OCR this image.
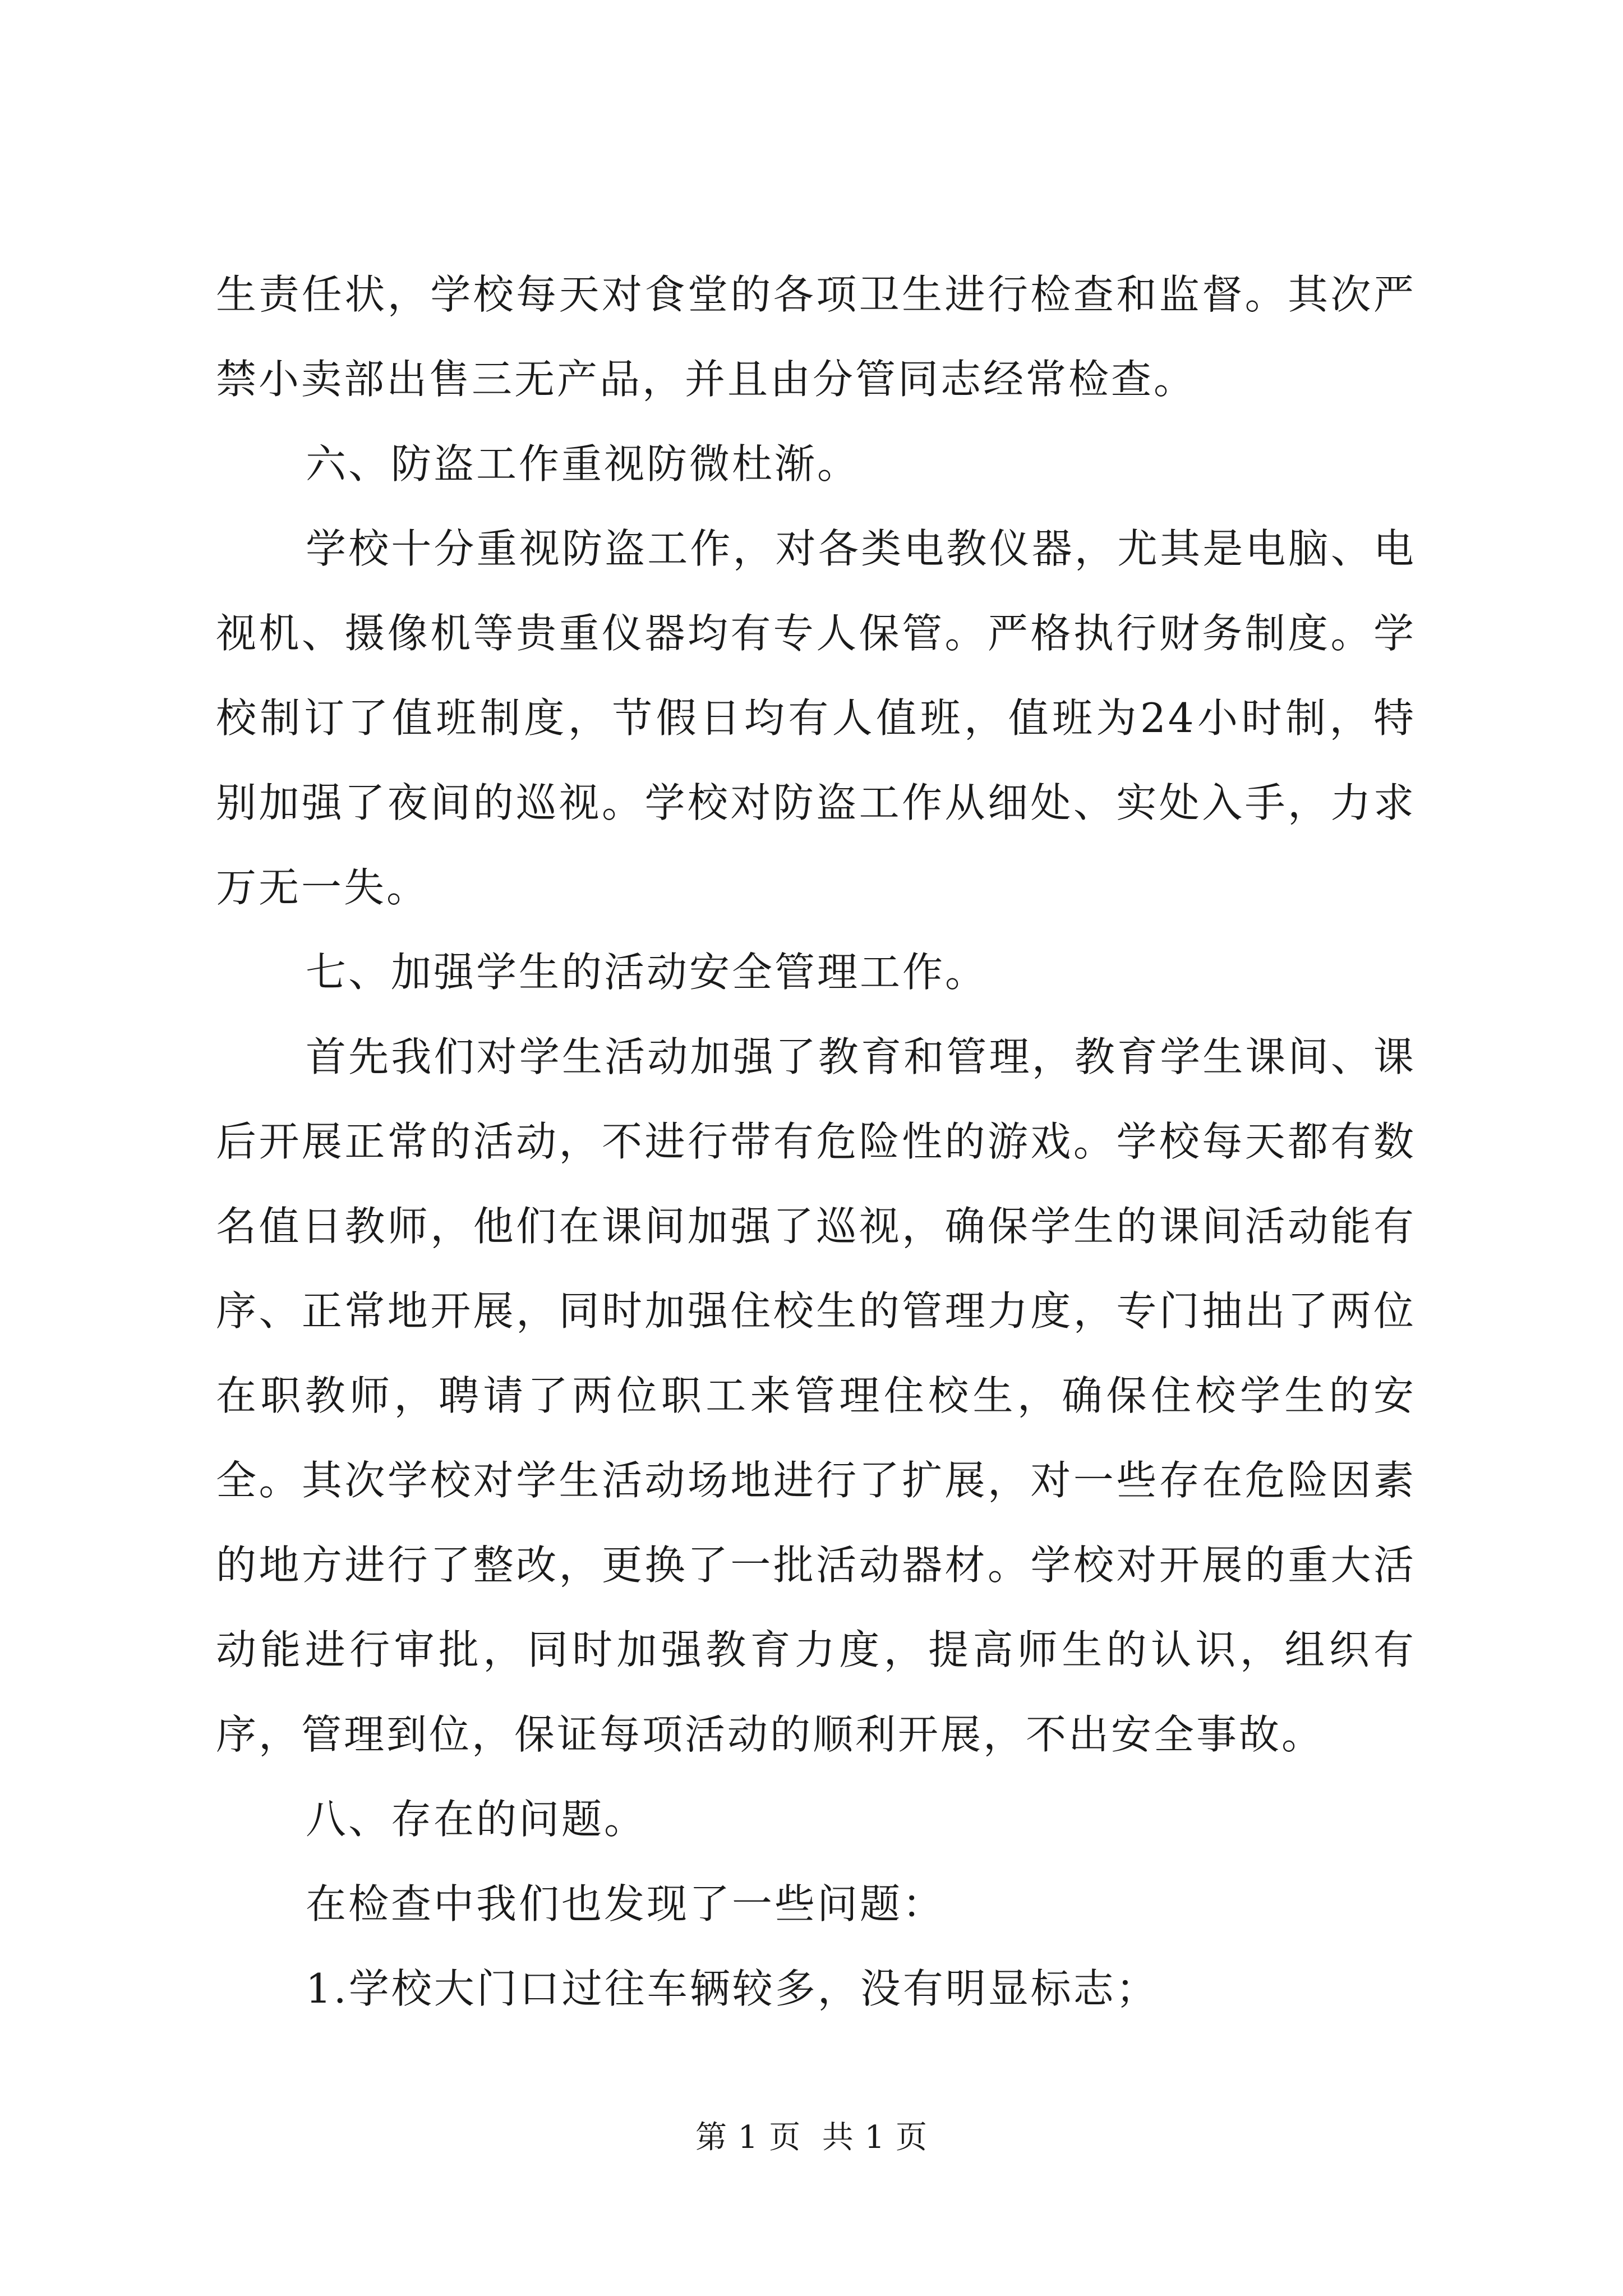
生责任状，学校每天对食堂的各项卫生进行检查和监督。其次严禁小卖部出售三无产品，并且由分管同志经常检查。

六、防盗工作重视防微杜渐。

学校十分重视防盗工作，对各类电教仪器，尤其是电脑、电视机、摄像机等贵重仪器均有专人保管。严格执行财务制度。学校制订了值班制度，节假日均有人值班，值班为24小时制，特别加强了夜间的巡视。学校对防盗工作从细处、实处入手，力求万无一失。

七、加强学生的活动安全管理工作。

首先我们对学生活动加强了教育和管理，教育学生课间、课后开展正常的活动，不进行带有危险性的游戏。学校每天都有数名值日教师，他们在课间加强了巡视，确保学生的课间活动能有序、正常地开展，同时加强住校生的管理力度，专门抽出了两位在职教师，聘请了两位职工来管理住校生，确保住校学生的安全。其次学校对学生活动场地进行了扩展，对一些存在危险因素的地方进行了整改，更换了一批活动器材。学校对开展的重大活动能进行审批，同时加强教育力度，提高师生的认识，组织有序，管理到位，保证每项活动的顺利开展，不出安全事故。

八、存在的问题。

在检查中我们也发现了一些问题：

1.学校大门口过往车辆较多，没有明显标志；

第 1 页  共 1 页
